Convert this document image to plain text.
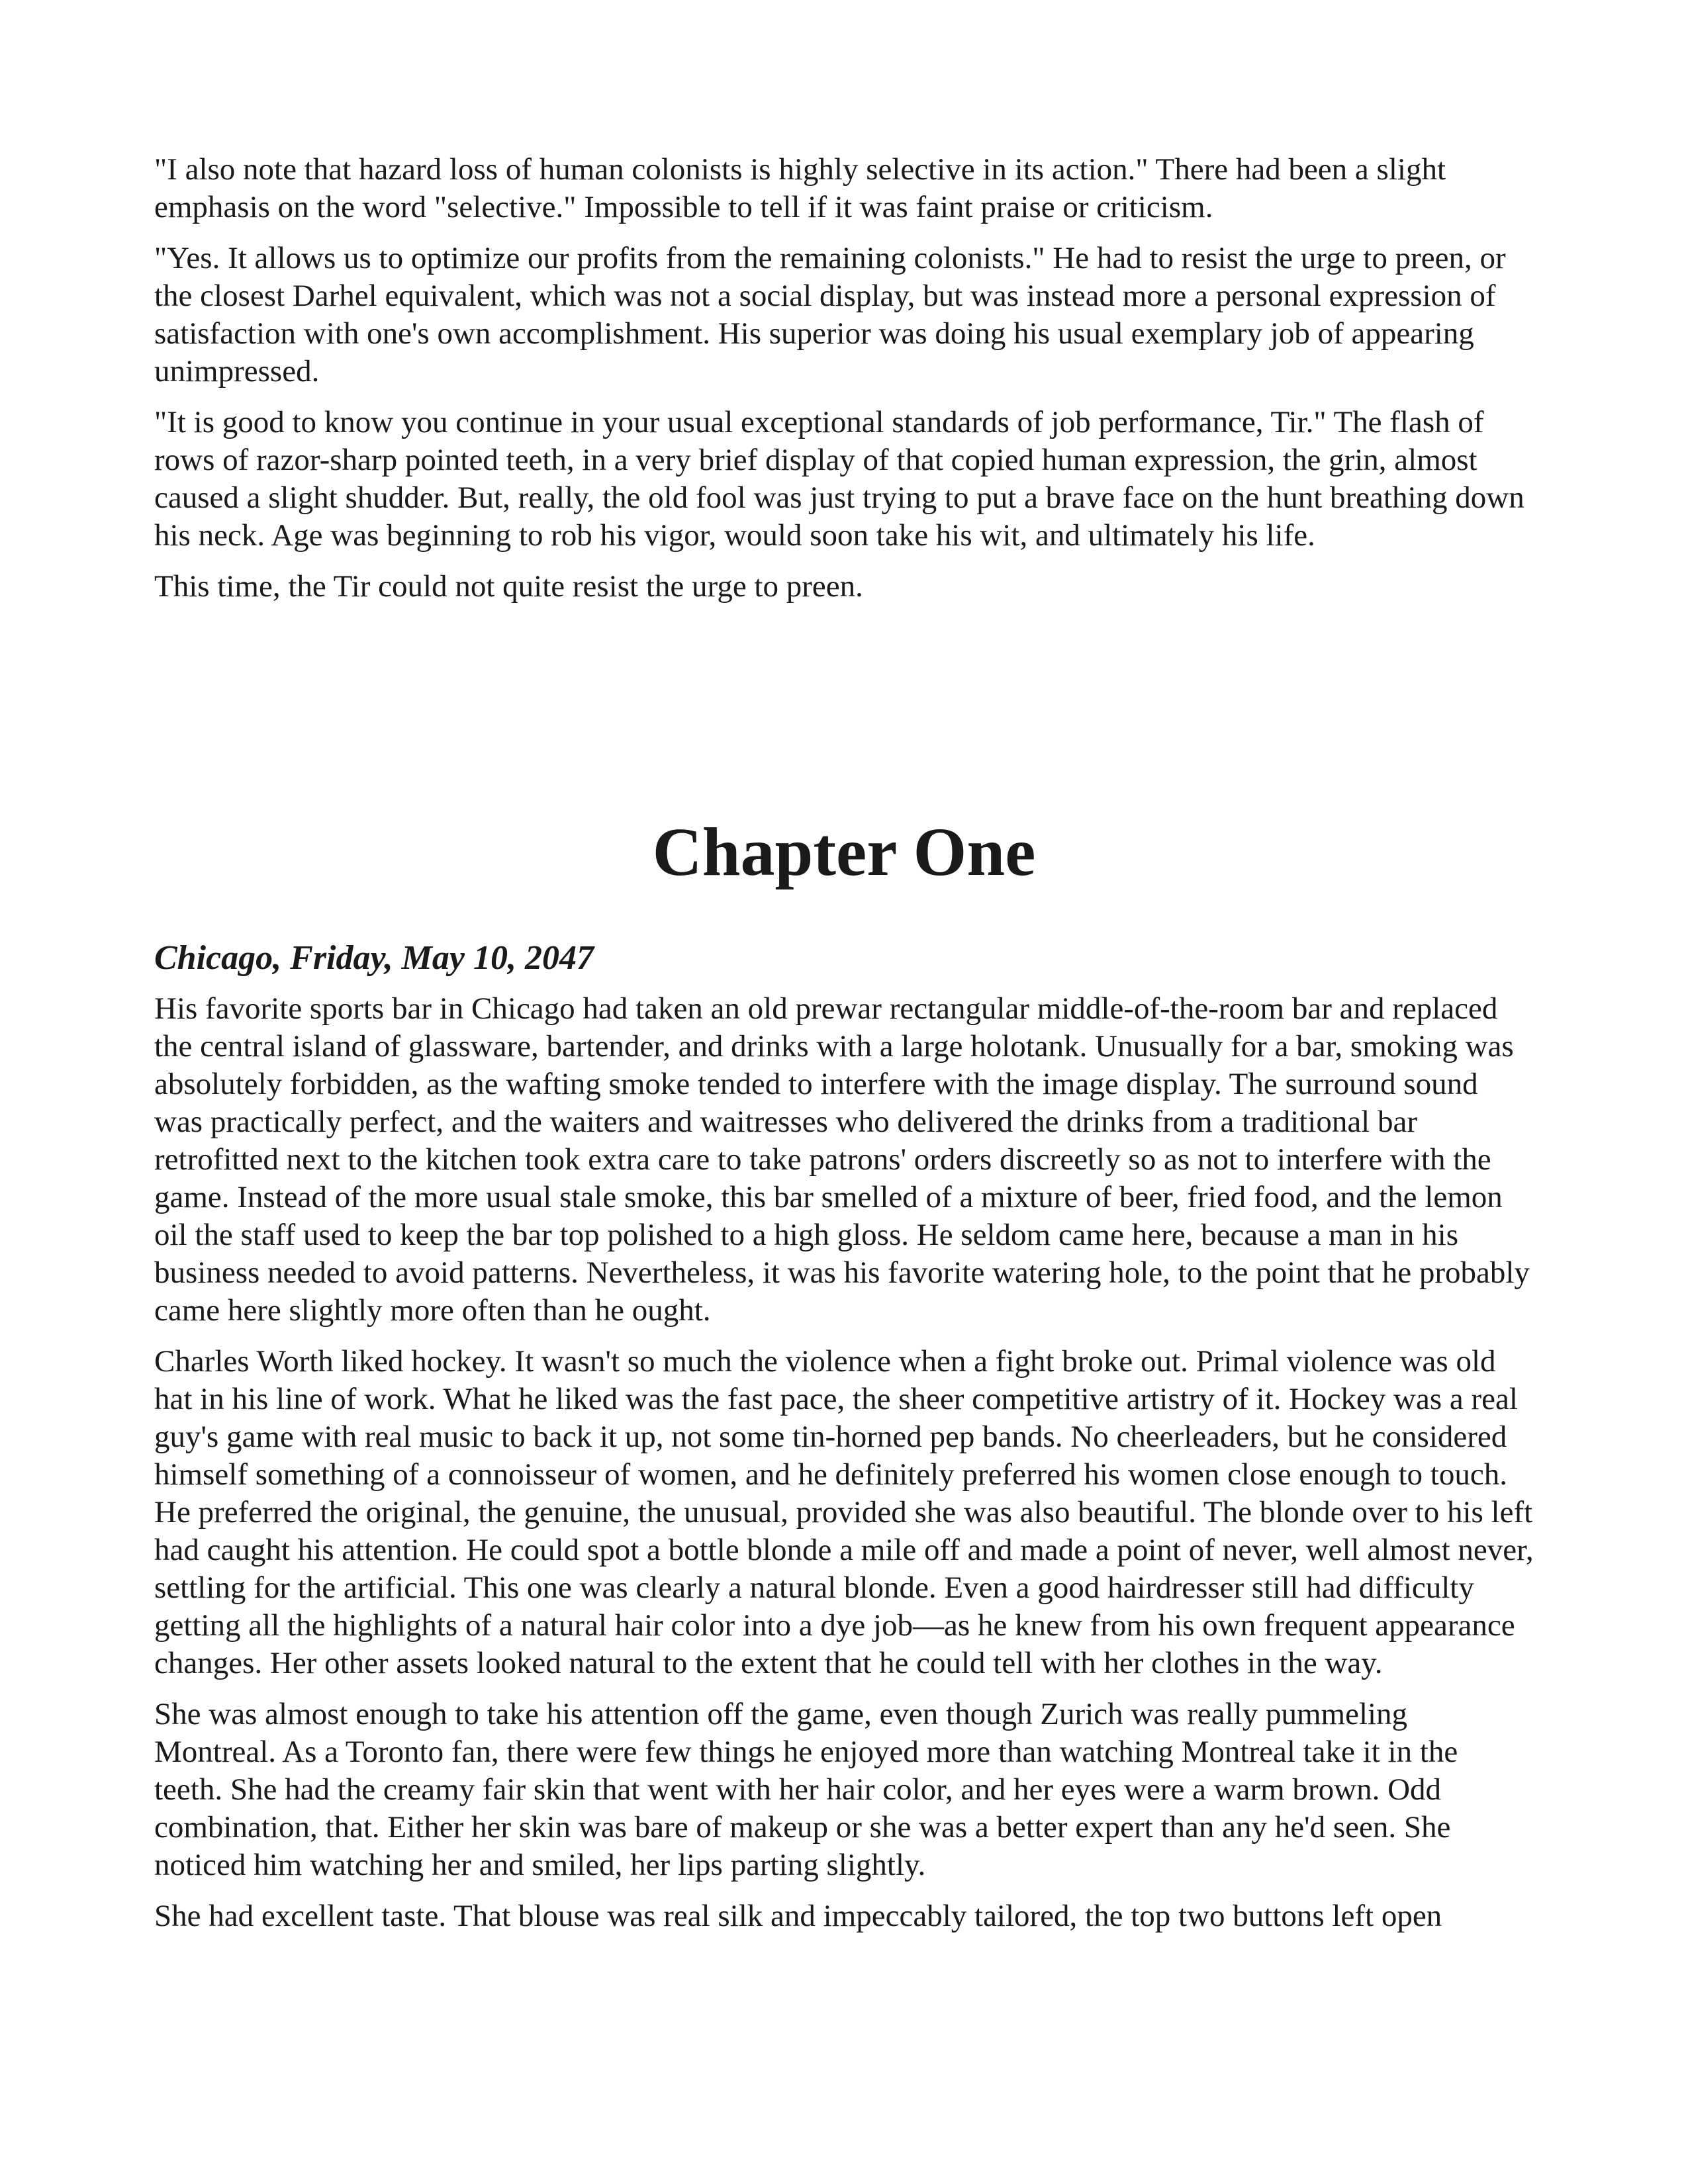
"I also note that hazard loss of human colonists is highly selective in its action." There had been a slight emphasis on the word "selective." Impossible to tell if it was faint praise or criticism.

"Yes. It allows us to optimize our profits from the remaining colonists." He had to resist the urge to preen, or the closest Darhel equivalent, which was not a social display, but was instead more a personal expression of satisfaction with one's own accomplishment. His superior was doing his usual exemplary job of appearing unimpressed.

"It is good to know you continue in your usual exceptional standards of job performance, Tir." The flash of rows of razor-sharp pointed teeth, in a very brief display of that copied human expression, the grin, almost caused a slight shudder. But, really, the old fool was just trying to put a brave face on the hunt breathing down his neck. Age was beginning to rob his vigor, would soon take his wit, and ultimately his life.

This time, the Tir could not quite resist the urge to preen.

Chapter One
Chicago, Friday, May 10, 2047

His favorite sports bar in Chicago had taken an old prewar rectangular middle-of-the-room bar and replaced the central island of glassware, bartender, and drinks with a large holotank. Unusually for a bar, smoking was absolutely forbidden, as the wafting smoke tended to interfere with the image display. The surround sound was practically perfect, and the waiters and waitresses who delivered the drinks from a traditional bar retrofitted next to the kitchen took extra care to take patrons' orders discreetly so as not to interfere with the game. Instead of the more usual stale smoke, this bar smelled of a mixture of beer, fried food, and the lemon oil the staff used to keep the bar top polished to a high gloss. He seldom came here, because a man in his business needed to avoid patterns. Nevertheless, it was his favorite watering hole, to the point that he probably came here slightly more often than he ought.

Charles Worth liked hockey. It wasn't so much the violence when a fight broke out. Primal violence was old hat in his line of work. What he liked was the fast pace, the sheer competitive artistry of it. Hockey was a real guy's game with real music to back it up, not some tin-horned pep bands. No cheerleaders, but he considered himself something of a connoisseur of women, and he definitely preferred his women close enough to touch. He preferred the original, the genuine, the unusual, provided she was also beautiful. The blonde over to his left had caught his attention. He could spot a bottle blonde a mile off and made a point of never, well almost never, settling for the artificial. This one was clearly a natural blonde. Even a good hairdresser still had difficulty getting all the highlights of a natural hair color into a dye job—as he knew from his own frequent appearance changes. Her other assets looked natural to the extent that he could tell with her clothes in the way.

She was almost enough to take his attention off the game, even though Zurich was really pummeling Montreal. As a Toronto fan, there were few things he enjoyed more than watching Montreal take it in the teeth. She had the creamy fair skin that went with her hair color, and her eyes were a warm brown. Odd combination, that. Either her skin was bare of makeup or she was a better expert than any he'd seen. She noticed him watching her and smiled, her lips parting slightly.

She had excellent taste. That blouse was real silk and impeccably tailored, the top two buttons left open
